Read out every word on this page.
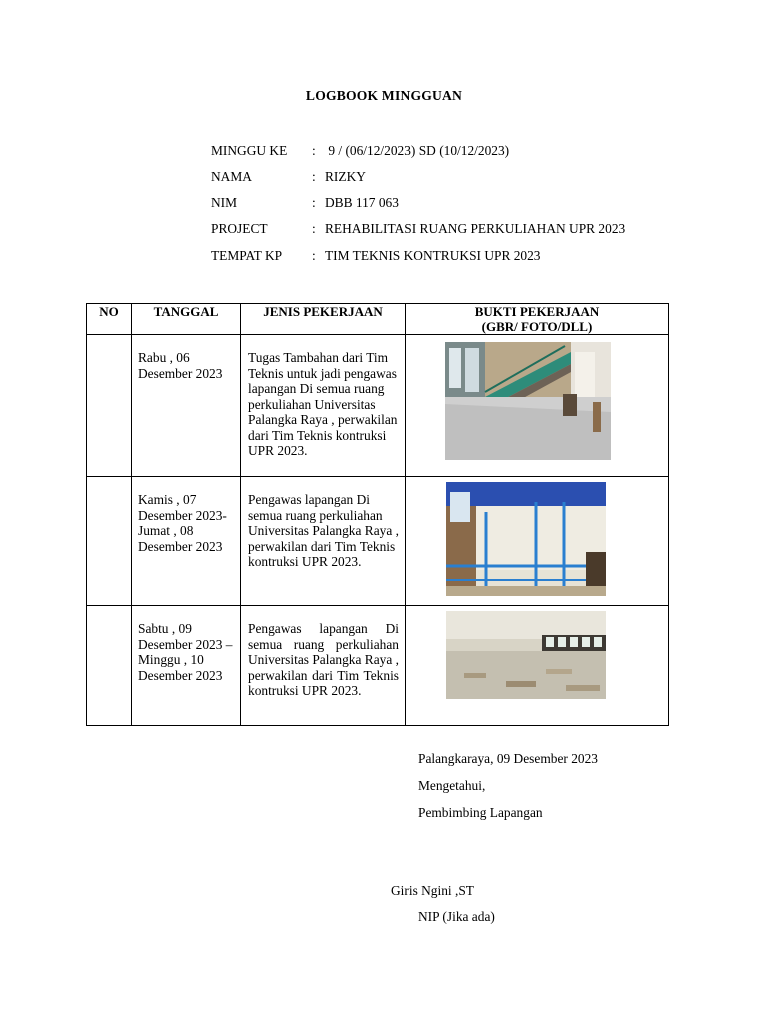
LOGBOOK MINGGUAN
MINGGU KE : 9 / (06/12/2023) SD (10/12/2023)
NAMA	: RIZKY
NIM	: DBB 117 063
PROJECT	: REHABILITASI RUANG PERKULIAHAN UPR 2023
TEMPAT KP : TIM TEKNIS KONTRUKSI UPR 2023
NO	TANGGAL	JENIS PEKERJAAN	BUKTI PEKERJAAN
(GBR/ FOTO/DLL)

	Rabu , 06 Desember 2023	Tugas Tambahan dari Tim Teknis untuk jadi pengawas lapangan Di semua ruang perkuliahan Universitas Palangka Raya , perwakilan dari Tim Teknis kontruksi UPR 2023.	

	Kamis , 07 Desember 2023- Jumat , 08 Desember 2023	Pengawas lapangan Di semua ruang perkuliahan Universitas Palangka Raya , perwakilan dari Tim Teknis kontruksi UPR 2023.	

	Sabtu , 09 Desember 2023 – Minggu , 10 Desember 2023	Pengawas lapangan Di semua ruang perkuliahan Universitas Palangka Raya , perwakilan dari Tim Teknis kontruksi UPR 2023.	
Palangkaraya, 09 Desember 2023
Mengetahui,
Pembimbing Lapangan
Giris Ngini ,ST
NIP (Jika ada)
